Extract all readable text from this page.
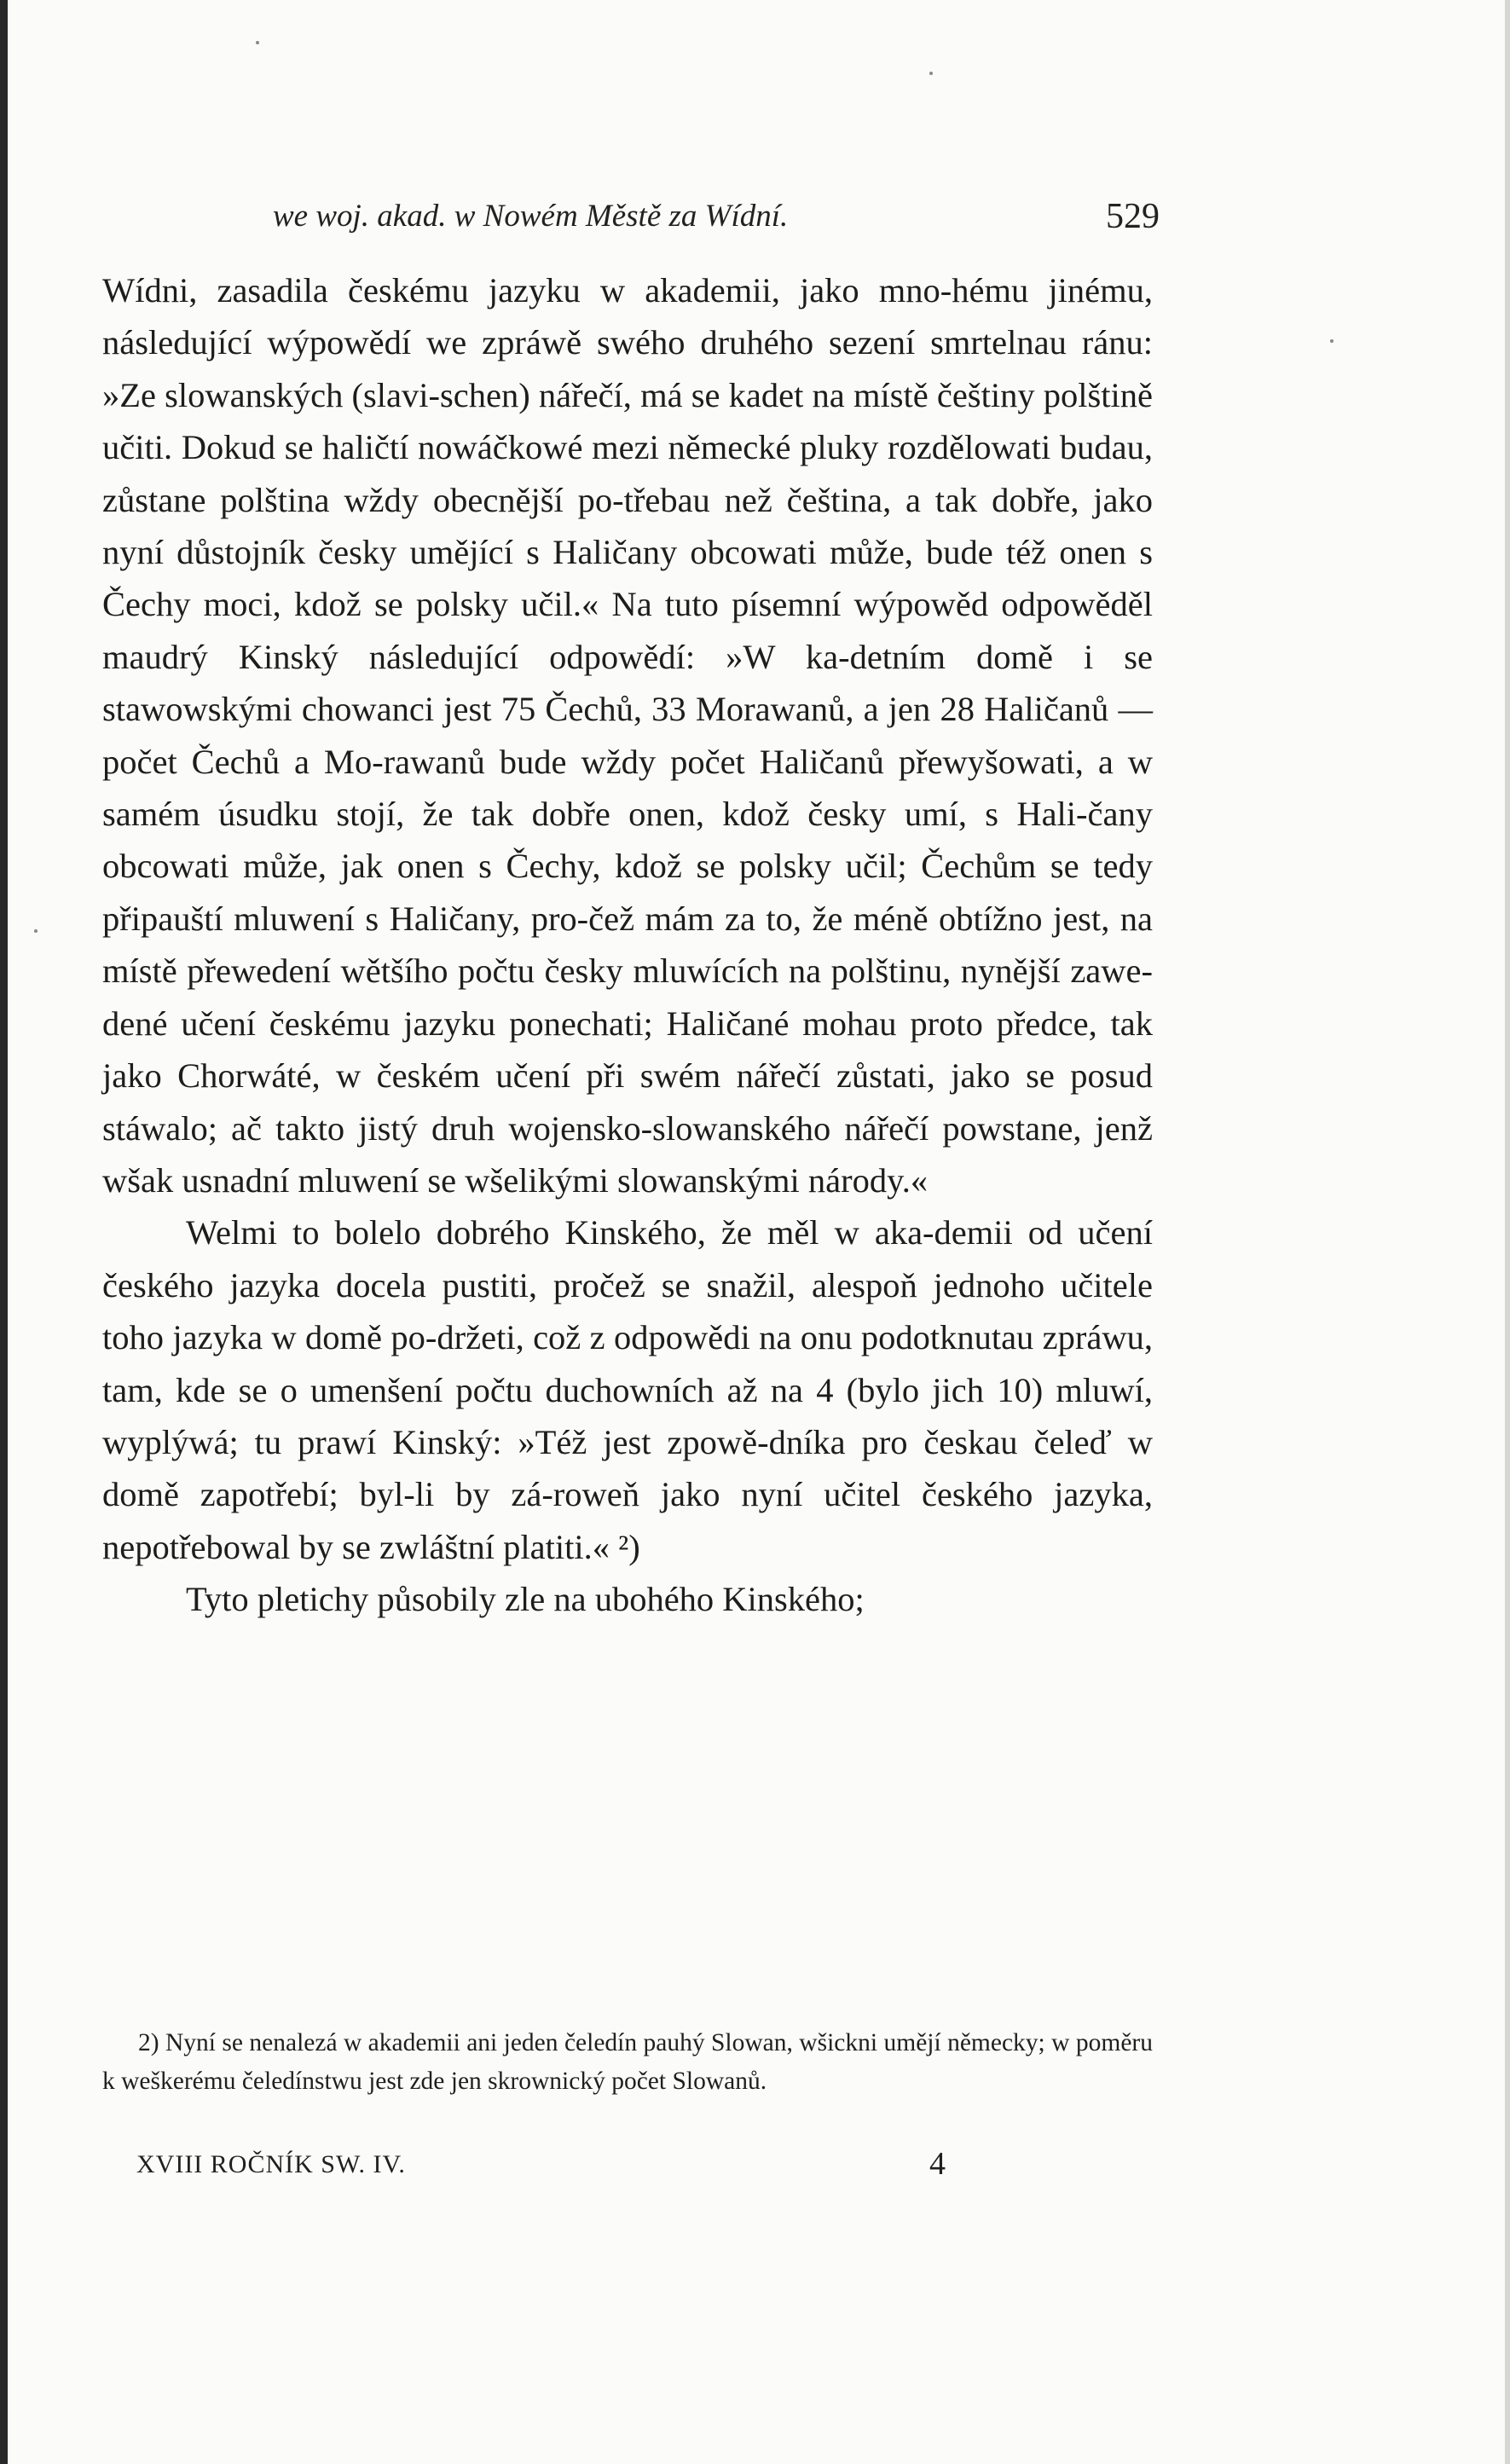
we woj. akad. w Nowém Městě za Wídní.	529

Wídni, zasadila českému jazyku w akademii, jako mno-hému jinému, následující wýpowědí we zpráwě swého druhého sezení smrtelnau ránu: »Ze slowanských (slavi-schen) nářečí, má se kadet na místě češtiny polštině učiti. Dokud se haličtí nowáčkowé mezi německé pluky rozdělowati budau, zůstane polština wždy obecnější po-třebau než čeština, a tak dobře, jako nyní důstojník česky umějící s Haličany obcowati může, bude též onen s Čechy moci, kdož se polsky učil.« Na tuto písemní wýpowěd odpowěděl maudrý Kinský následující odpowědí: »W ka-detním domě i se stawowskými chowanci jest 75 Čechů, 33 Morawanů, a jen 28 Haličanů — počet Čechů a Mo-rawanů bude wždy počet Haličanů přewyšowati, a w samém úsudku stojí, že tak dobře onen, kdož česky umí, s Hali-čany obcowati může, jak onen s Čechy, kdož se polsky učil; Čechům se tedy připauští mluwení s Haličany, pro-čež mám za to, že méně obtížno jest, na místě přewedení wětšího počtu česky mluwících na polštinu, nynější zawe-dené učení českému jazyku ponechati; Haličané mohau proto předce, tak jako Chorwáté, w českém učení při swém nářečí zůstati, jako se posud stáwalo; ač takto jistý druh wojensko-slowanského nářečí powstane, jenž wšak usnadní mluwení se wšelikými slowanskými národy.«

Welmi to bolelo dobrého Kinského, že měl w aka-demii od učení českého jazyka docela pustiti, pročež se snažil, alespoň jednoho učitele toho jazyka w domě po-držeti, což z odpowědi na onu podotknutau zpráwu, tam, kde se o umenšení počtu duchowních až na 4 (bylo jich 10) mluwí, wyplýwá; tu prawí Kinský: »Též jest zpowě-dníka pro českau čeleď w domě zapotřebí; byl-li by zá-roweň jako nyní učitel českého jazyka, nepotřebowal by se zwláštní platiti.« ²)

Tyto pletichy působily zle na ubohého Kinského;

2) Nyní se nenalezá w akademii ani jeden čeledín pauhý Slowan, wšickni umějí německy; w poměru k weškerému čeledínstwu jest zde jen skrownický počet Slowanů.

XVIII ROČNÍK SW. IV.	4
